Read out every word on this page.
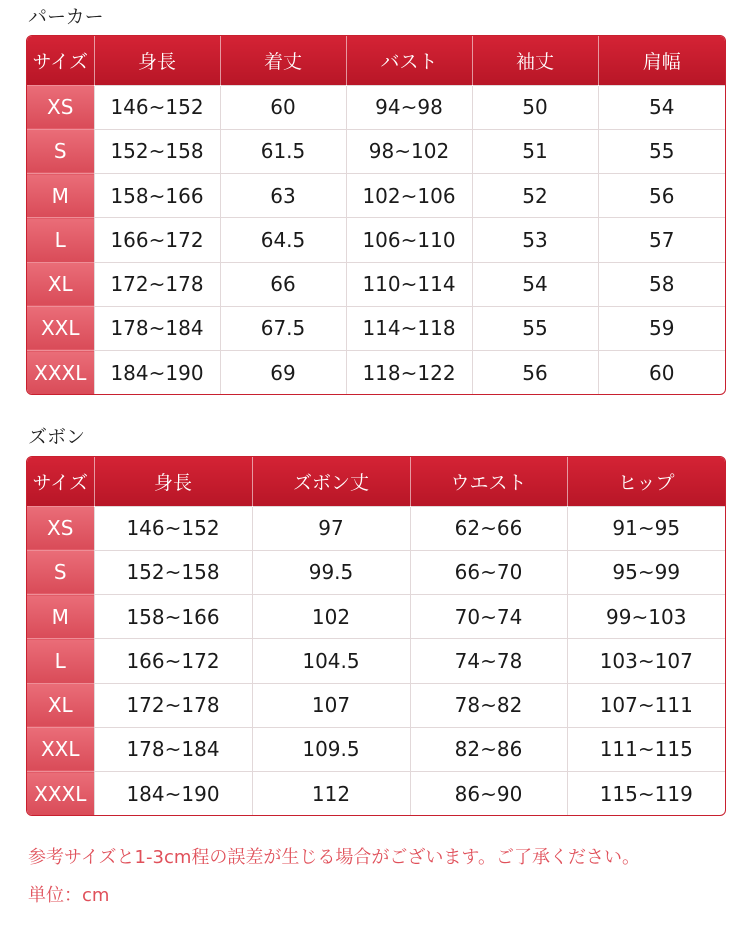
パーカー
サイズ	身長	着丈	バスト	袖丈	肩幅
XS	146~152	60	94~98	50	54
S	152~158	61.5	98~102	51	55
M	158~166	63	102~106	52	56
L	166~172	64.5	106~110	53	57
XL	172~178	66	110~114	54	58
XXL	178~184	67.5	114~118	55	59
XXXL	184~190	69	118~122	56	60
ズボン
サイズ	身長	ズボン丈	ウエスト	ヒップ
XS	146~152	97	62~66	91~95
S	152~158	99.5	66~70	95~99
M	158~166	102	70~74	99~103
L	166~172	104.5	74~78	103~107
XL	172~178	107	78~82	107~111
XXL	178~184	109.5	82~86	111~115
XXXL	184~190	112	86~90	115~119
参考サイズと1-3cm程の誤差が生じる場合がございます。ご了承ください。
単位：cm
